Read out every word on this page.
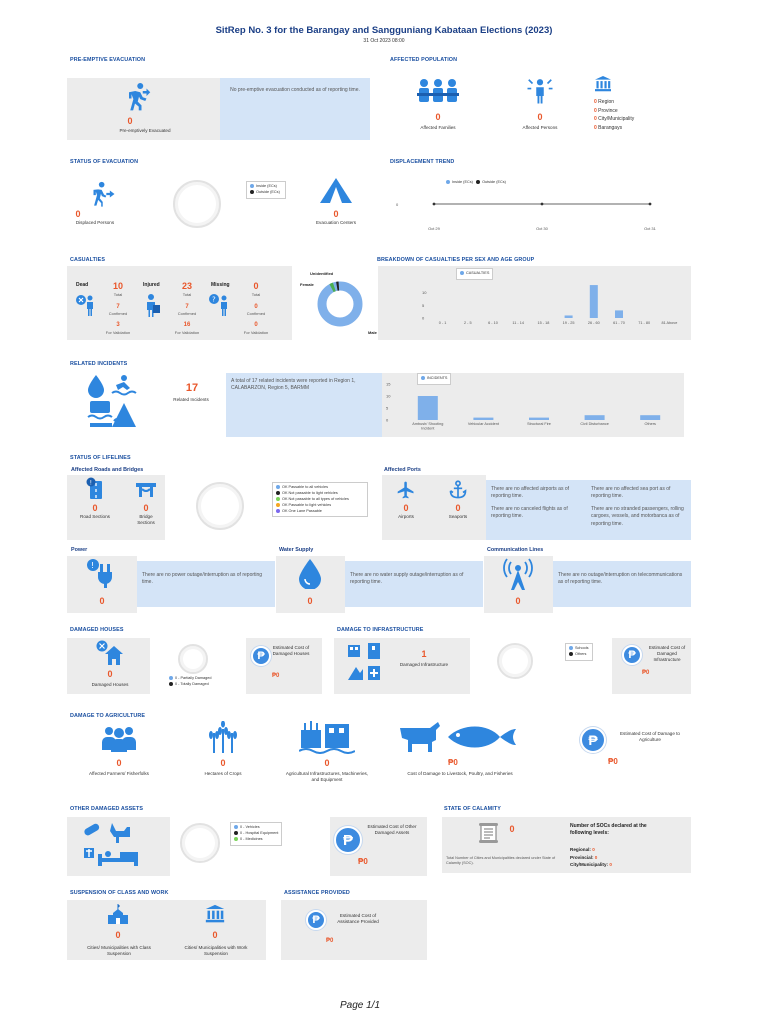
SitRep No. 3 for the Barangay and Sangguniang Kabataan Elections (2023)
31 Oct 2023 08:00
PRE-EMPTIVE EVACUATION
0
Pre-emptively Evacuated
No pre-emptive evacuation conducted as of reporting time.
AFFECTED POPULATION
0
Affected Families
0
Affected Persons
0 Region
0 Province
0 City/Municipality
0 Barangays
STATUS OF EVACUATION
0
Displaced Persons
Inside (ECs)
Outside (ECs)
0
Evacuation Centers
DISPLACEMENT TREND
Inside (ECs) Outside (ECs)
0
Oct 29	Oct 30	Oct 31
CASUALTIES
Dead	10
Total
7
Confirmed
3
For Validation
Injured	23
Total
7
Confirmed
16
For Validation
Missing	0
Total
?
0
Confirmed
0
For Validation
Unidentified
Female
Male
BREAKDOWN OF CASUALTIES PER SEX AND AGE GROUP
CASUALTIES
0
5
10
0 - 1	2 - 5	6 - 10	11 - 14	15 - 18	19 - 25	26 - 60	61 - 70	71 - 80	81 Above
RELATED INCIDENTS
17
Related Incidents
A total of 17 related incidents were reported in Region 1, CALABARZON, Region 5, BARMM
INCIDENTS
0
5
10
15
Ambush/ Shooting
Incident
Vehicular Accident	Structural Fire	Civil Disturbance	Others
STATUS OF LIFELINES
Affected Roads and Bridges
!
0
Road Sections
0
Bridge Sections
OK Passable to all vehicles
OK Not passable to light vehicles
OK Not passable to all types of vehicles
OK Passable to light vehicles
OK One Lane Passable
Affected Ports
0
Airports
0
Seaports
There are no affected airports as of reporting time.
There are no affected sea port as of reporting time.
There are no canceled flights as of reporting time.
There are no stranded passengers, rolling cargoes, vessels, and motorbanca as of reporting time.
Power
!
0
There are no power outage/interruption as of reporting time.
Water Supply
0
There are no water supply outage/interruption as of reporting time.
Communication Lines
0
There are no outage/interruption on telecommunications as of reporting time.
DAMAGED HOUSES
0
Damaged Houses
0 - Partially Damaged
0 - Totally Damaged
₱
Estimated Cost of Damaged Houses
₱0
DAMAGE TO INFRASTRUCTURE
1
Damaged Infrastructure
Schools
Others	₱
Estimated Cost of Damaged Infrastructure
₱0
DAMAGE TO AGRICULTURE
0
Affected Farmers/ Fisherfolks
0
Hectares of Crops
0
Agricultural Infrastructures, Machineries, and Equipment
₱0
Cost of Damage to Livestock, Poultry, and Fisheries
₱	Estimated Cost of Damage to Agriculture
₱0
OTHER DAMAGED ASSETS
0 - Vehicles
0 - Hospital Equipment
0 - Medicines	₱
Estimated Cost of Other Damaged Assets
₱0
STATE OF CALAMITY
0
Total Number of Cities and Municipalities declared under State of Calamity (SOC).
Number of SOCs declared at the following levels:
Regional: 0
Provincial: 0
City/Municipality: 0
SUSPENSION OF CLASS AND WORK
0
Cities/ Municipalities with Class Suspension
0
Cities/ Municipalities with Work Suspension
ASSISTANCE PROVIDED
₱	Estimated Cost of Assistance Provided
₱0
Page 1/1
